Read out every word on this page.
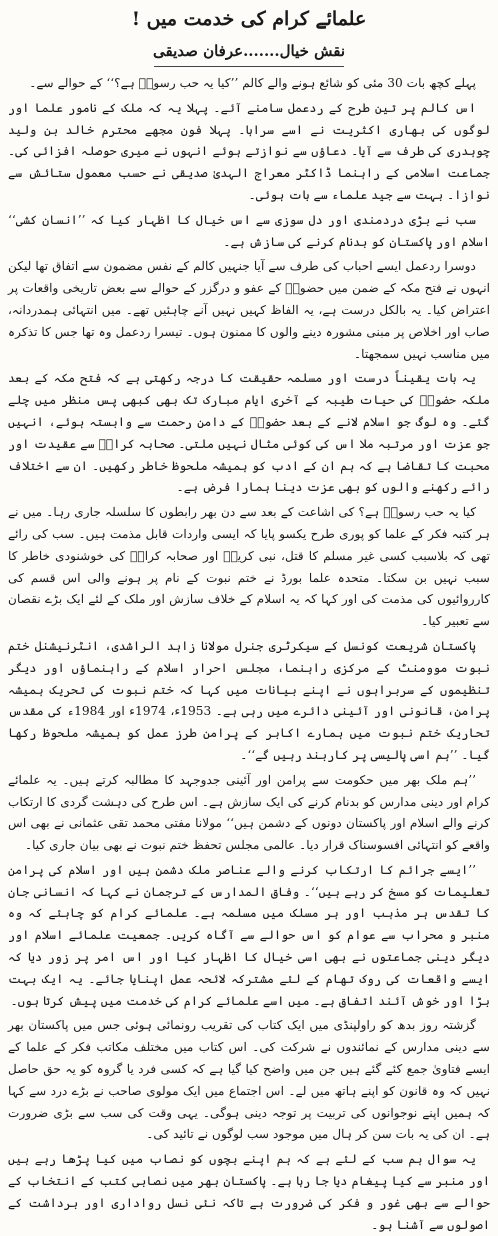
علمائے کرام کی خدمت میں !
نقش خیال.......عرفان صدیقی

پہلے کچھ بات 30 مئی کو شائع ہونے والے کالم ’’کیا یہ حب رسولؐ ہے؟‘‘ کے حوالے سے۔

اس کالم پر تین طرح کے ردعمل سامنے آئے۔ پہلا یہ کہ ملک کے نامور علما اور لوگوں کی بھاری اکثریت نے اسے سراہا۔ پہلا فون مجھے محترم خالد بن ولید چوہدری کی طرف سے آیا۔ دعاؤں سے نوازتے ہوئے انہوں نے میری حوصلہ افزائی کی۔ جماعت اسلامی کے راہنما ڈاکٹر معراج الہدیٰ صدیقی نے حسب معمول ستائش سے نوازا۔ بہت سے جید علماء سے بات ہوئی۔

سب نے بڑی دردمندی اور دل سوزی سے اس خیال کا اظہار کیا کہ ’’انسان کشی‘‘ اسلام اور پاکستان کو بدنام کرنے کی سازش ہے۔

دوسرا ردعمل ایسے احباب کی طرف سے آیا جنہیں کالم کے نفس مضمون سے اتفاق تھا لیکن انہوں نے فتح مکہ کے ضمن میں حضورؐ کے عفو و درگزر کے حوالے سے بعض تاریخی واقعات پر اعتراض کیا۔ یہ بالکل درست ہے، یہ الفاظ کہیں نہیں آنے چاہئیں تھے۔ میں انتہائی ہمدردانہ، صاب اور اخلاص پر مبنی مشورہ دینے والوں کا ممنون ہوں۔ تیسرا ردعمل وہ تھا جس کا تذکرہ میں مناسب نہیں سمجھتا۔

یہ بات یقیناً درست اور مسلمہ حقیقت کا درجہ رکھتی ہے کہ فتح مکہ کے بعد ملکہ حضورؐ کی حیات طیبہ کے آخری ایام مبارک تک بھی کبھی پس منظر میں چلے گئے۔ وہ لوگ جو اسلام لانے کے بعد حضورؐ کے دامن رحمت سے وابستہ ہوئے، انہیں جو عزت اور مرتبہ ملا اس کی کوئی مثال نہیں ملتی۔ صحابہ کرامؓ سے عقیدت اور محبت کا تقاضا ہے کہ ہم ان کے ادب کو ہمیشہ ملحوظ خاطر رکھیں۔ ان سے اختلاف رائے رکھنے والوں کو بھی عزت دینا ہمارا فرض ہے۔

کیا یہ حب رسولؐ ہے؟ کی اشاعت کے بعد سے دن بھر رابطوں کا سلسلہ جاری رہا۔ میں نے ہر کتبہ فکر کے علما کو پوری طرح یکسو پایا کہ ایسی واردات قابل مذمت ہیں۔ سب کی رائے تھی کہ بلاسبب کسی غیر مسلم کا قتل، نبی کریمؐ اور صحابہ کرامؓ کی خوشنودی خاطر کا سبب نہیں بن سکتا۔ متحدہ علما بورڈ نے ختم نبوت کے نام پر ہونے والی اس قسم کی کارروائیوں کی مذمت کی اور کہا کہ یہ اسلام کے خلاف سازش اور ملک کے لئے ایک بڑے نقصان سے تعبیر کیا۔

پاکستان شریعت کونسل کے سیکرٹری جنرل مولانا زاہد الراشدی، انٹرنیشنل ختم نبوت موومنٹ کے مرکزی راہنما، مجلس احرار اسلام کے راہنماؤں اور دیگر تنظیموں کے سربراہوں نے اپنے بیانات میں کہا کہ ختم نبوت کی تحریک ہمیشہ پرامن، قانونی اور آئینی دائرے میں رہی ہے۔ 1953ء، 1974ء اور 1984ء کی مقدس تحاریک ختم نبوت میں ہمارے اکابر کے پرامن طرز عمل کو ہمیشہ ملحوظ رکھا گیا۔ ’’ہم اسی پالیسی پر کاربند رہیں گے‘‘۔

’’ہم ملک بھر میں حکومت سے پرامن اور آئینی جدوجہد کا مطالبہ کرتے ہیں۔ یہ علمائے کرام اور دینی مدارس کو بدنام کرنے کی ایک سازش ہے۔ اس طرح کی دہشت گردی کا ارتکاب کرنے والے اسلام اور پاکستان دونوں کے دشمن ہیں‘‘ مولانا مفتی محمد تقی عثمانی نے بھی اس واقعے کو انتہائی افسوسناک قرار دیا۔ عالمی مجلس تحفظ ختم نبوت نے بھی بیان جاری کیا۔

’’ایسے جرائم کا ارتکاب کرنے والے عناصر ملک دشمن ہیں اور اسلام کی پرامن تعلیمات کو مسخ کر رہے ہیں‘‘۔ وفاق المدارس کے ترجمان نے کہا کہ انسانی جان کا تقدس ہر مذہب اور ہر مسلک میں مسلمہ ہے۔ علمائے کرام کو چاہئے کہ وہ منبر و محراب سے عوام کو اس حوالے سے آگاہ کریں۔ جمعیت علمائے اسلام اور دیگر دینی جماعتوں نے بھی اسی خیال کا اظہار کیا اور اس امر پر زور دیا کہ ایسے واقعات کی روک تھام کے لئے مشترکہ لائحہ عمل اپنایا جائے۔ یہ ایک بہت بڑا اور خوش آئند اتفاق ہے۔ میں اسے علمائے کرام کی خدمت میں پیش کرتا ہوں۔

گزشتہ روز بدھ کو راولپنڈی میں ایک کتاب کی تقریب رونمائی ہوئی جس میں پاکستان بھر سے دینی مدارس کے نمائندوں نے شرکت کی۔ اس کتاب میں مختلف مکاتب فکر کے علما کے ایسے فتاویٰ جمع کئے گئے ہیں جن میں واضح کیا گیا ہے کہ کسی فرد یا گروہ کو یہ حق حاصل نہیں کہ وہ قانون کو اپنے ہاتھ میں لے۔ اس اجتماع میں ایک مولوی صاحب نے بڑے درد سے کہا کہ ہمیں اپنے نوجوانوں کی تربیت پر توجہ دینی ہوگی۔ یہی وقت کی سب سے بڑی ضرورت ہے۔ ان کی یہ بات سن کر ہال میں موجود سب لوگوں نے تائید کی۔

یہ سوال ہم سب کے لئے ہے کہ ہم اپنے بچوں کو نصاب میں کیا پڑھا رہے ہیں اور منبر سے کیا پیغام دیا جا رہا ہے۔ پاکستان بھر میں نصابی کتب کے انتخاب کے حوالے سے بھی غور و فکر کی ضرورت ہے تاکہ نئی نسل رواداری اور برداشت کے اصولوں سے آشنا ہو۔
